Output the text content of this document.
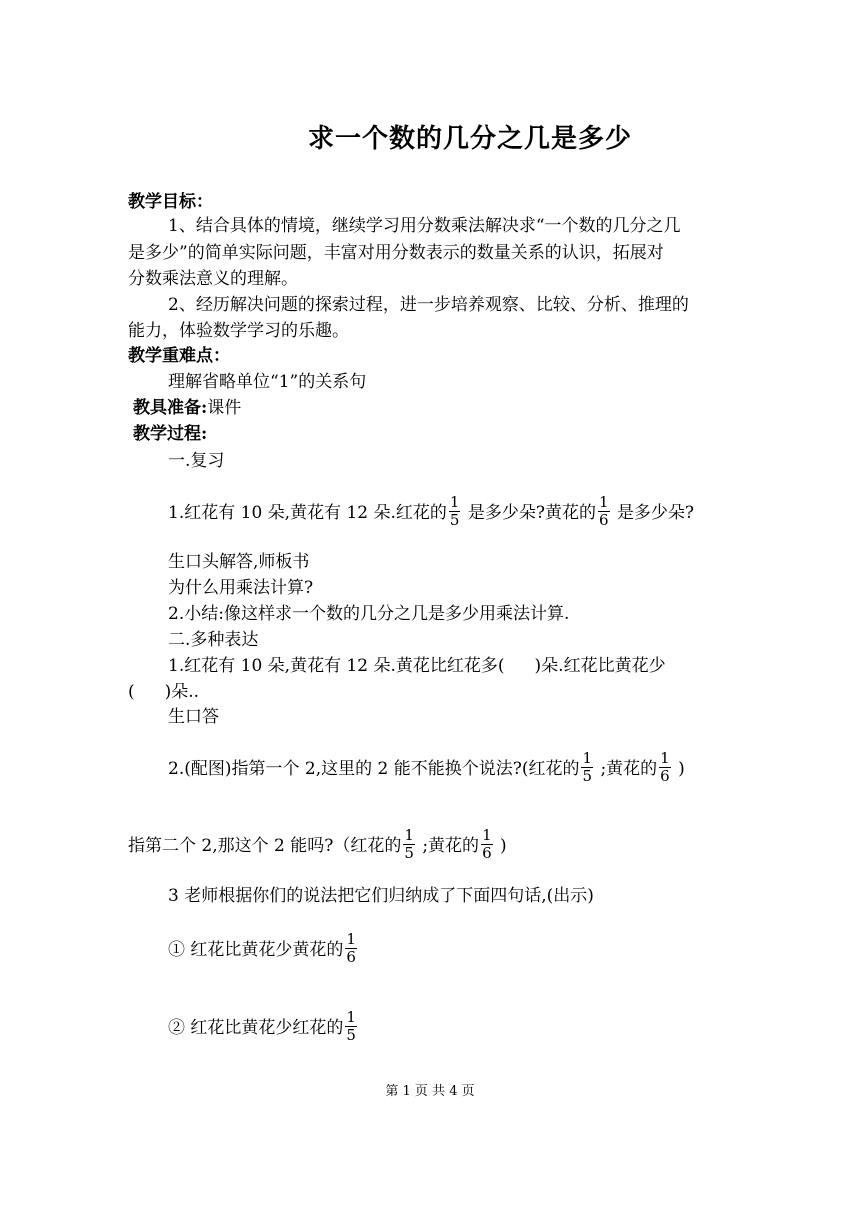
求一个数的几分之几是多少
教学目标：
1、结合具体的情境，继续学习用分数乘法解决求“一个数的几分之几
是多少”的简单实际问题，丰富对用分数表示的数量关系的认识，拓展对
分数乘法意义的理解。
2、经历解决问题的探索过程，进一步培养观察、比较、分析、推理的
能力，体验数学学习的乐趣。
教学重难点：
理解省略单位“1”的关系句
教具准备:课件
教学过程:
一.复习
1.红花有 10 朵,黄花有 12 朵.红花的 $\frac{1}{5}$ 是多少朵?黄花的 $\frac{1}{6}$ 是多少朵?
生口头解答,师板书
为什么用乘法计算?
2.小结:像这样求一个数的几分之几是多少用乘法计算.
二.多种表达
1.红花有 10 朵,黄花有 12 朵.黄花比红花多( )朵.红花比黄花少
( )朵..
生口答
2.(配图)指第一个 2,这里的 2 能不能换个说法?(红花的 $\frac{1}{5}$ ;黄花的 $\frac{1}{6}$ )
指第二个 2,那这个 2 能吗?（红花的 $\frac{1}{5}$ ;黄花的 $\frac{1}{6}$ )
3 老师根据你们的说法把它们归纳成了下面四句话,(出示)
① 红花比黄花少黄花的 $\frac{1}{6}$
② 红花比黄花少红花的 $\frac{1}{5}$
第 1 页 共 4 页
